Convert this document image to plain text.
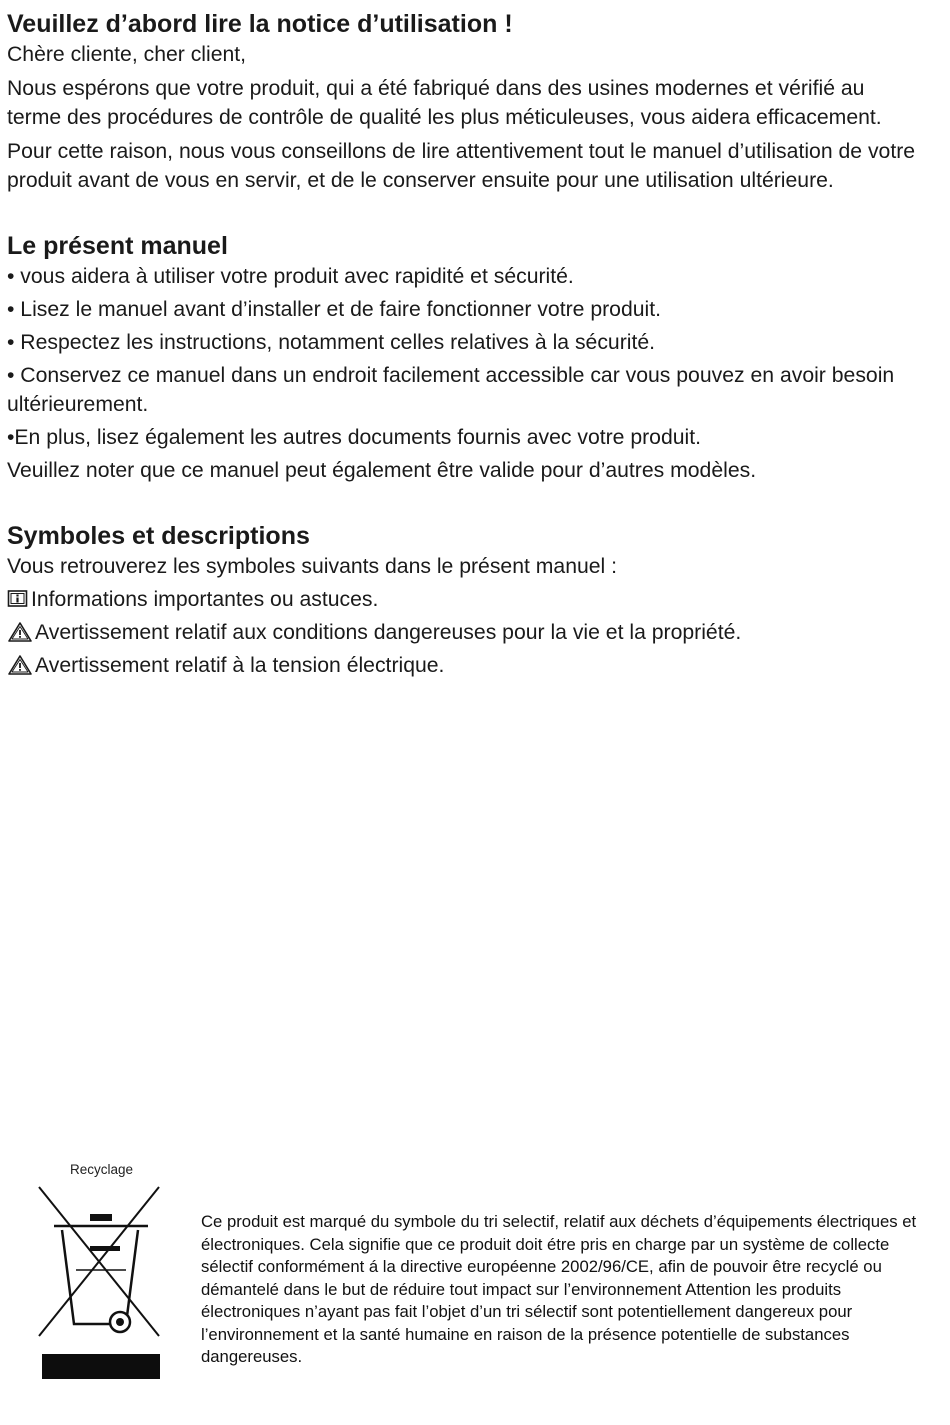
Veuillez d’abord lire la notice d’utilisation !

Chère cliente, cher client,

Nous espérons que votre produit, qui a été fabriqué dans des usines modernes et vérifié au terme des procédures de contrôle de qualité les plus méticuleuses, vous aidera efficacement.

Pour cette raison, nous vous conseillons de lire attentivement tout le manuel d’utilisation de votre produit avant de vous en servir, et de le conserver ensuite pour une utilisation ultérieure.

Le présent manuel

• vous aidera à utiliser votre produit avec rapidité et sécurité.

• Lisez le manuel avant d’installer et de faire fonctionner votre produit.

• Respectez les instructions, notamment celles relatives à la sécurité.

• Conservez ce manuel dans un endroit facilement accessible car vous pouvez en avoir besoin ultérieurement.

•En plus, lisez également les autres documents fournis avec votre produit.

Veuillez noter que ce manuel peut également être valide pour d’autres modèles.

Symboles et descriptions

Vous retrouverez les symboles suivants dans le présent manuel :

Informations importantes ou astuces.
Avertissement relatif aux conditions dangereuses pour la vie et la propriété.
Avertissement relatif à la tension électrique.
Recyclage
Ce produit est marqué du symbole du tri selectif, relatif aux déchets d’équipements électriques et électroniques. Cela signifie que ce produit doit étre pris en charge par un système de collecte sélectif conformément á la directive européenne 2002/96/CE, afin de pouvoir être recyclé ou démantelé dans le but de réduire tout impact sur l’environnement Attention les produits électroniques n’ayant pas fait l’objet d’un tri sélectif sont potentiellement dangereux pour l’environnement et la santé humaine en raison de la présence potentielle de substances dangereuses.
